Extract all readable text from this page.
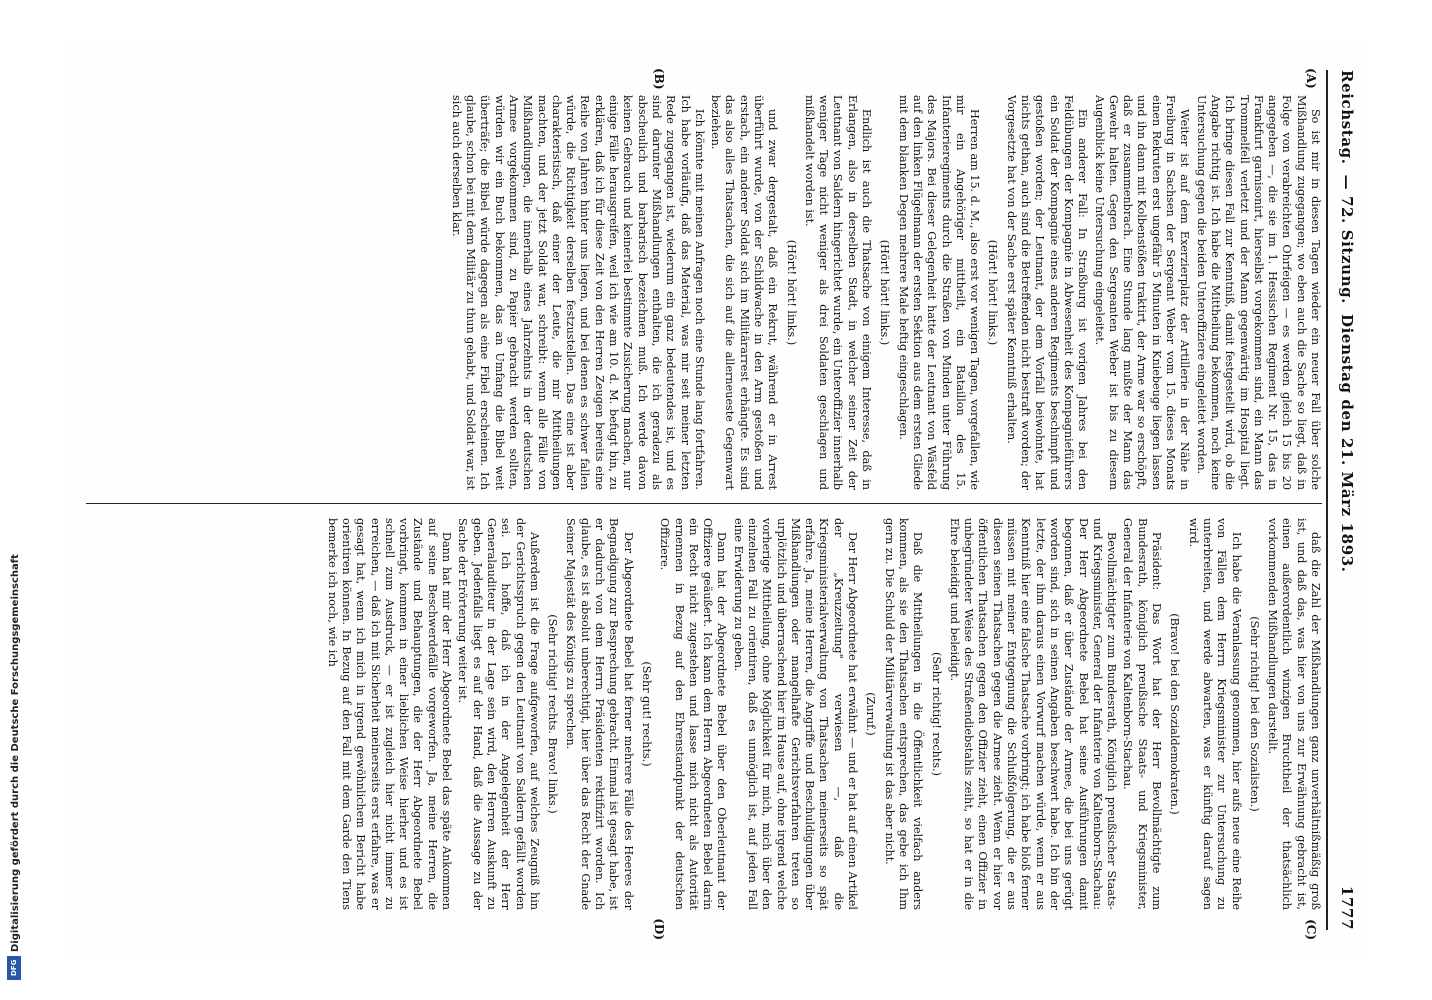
Reichstag.
— 72. Sitzung.
Dienstag den 21. März 1893.
1777
(A)
(B)
(C)
(D)

So ist mir in diesen Tagen wieder ein neuer Fall über solche Mißhandlung zugegangen; wo eben auch die Sache so liegt, daß in Folge von verabreichten Ohrfeigen — es werden gleich 15 bis 20 angegeben —, die sie im 1. Hessischen Regiment Nr. 15, das in Frankfurt garnisonirt, hierselbst vorgekommen sind, ein Mann das Trommelfell verletzt und der Mann gegenwärtig im Hospital liegt. Ich bringe diesen Fall zur Kenntniß, damit festgestellt wird, ob die Angabe richtig ist. Ich habe die Mittheilung bekommen, noch keine Untersuchung gegen die beiden Unteroffiziere eingeleitet worden.

Weiter ist auf dem Exerzierplatz der Artillerie in der Nähe in Freiburg in Sachsen der Sergeant Weber vom 15. dieses Monats einen Rekruten erst ungefähr 5 Minuten in Kniebeuge liegen lassen und ihn dann mit Kolbenstößen traktirt, der Arme war so erschöpft, daß er zusammenbrach. Eine Stunde lang mußte der Mann das Gewehr halten. Gegen den Sergeanten Weber ist bis zu diesem Augenblick keine Untersuchung eingeleitet.

Ein anderer Fall: In Straßburg ist vorigen Jahres bei den Feldübungen der Kompagnie in Abwesenheit des Kompagnieführers ein Soldat der Kompagnie eines anderen Regiments beschimpft und gestoßen worden; der Leutnant, der dem Vorfall beiwohnte, hat nichts gethan, auch sind die Betreffenden nicht bestraft worden; der Vorgesetzte hat von der Sache erst später Kenntniß erhalten.

(Hört! hört! links.)

Herren am 15. d. M., also erst vor wenigen Tagen, vorgefallen, wie mir ein Angehöriger mittheilt, ein Bataillon des 15. Infanterieregiments durch die Straßen von Minden unter Führung des Majors. Bei dieser Gelegenheit hatte der Leutnant von Wäsfeld auf den linken Flügelmann der ersten Sektion aus dem ersten Gliede mit dem blanken Degen mehrere Male heftig eingeschlagen.

(Hört! hört! links.)

Endlich ist auch die Thatsache von einigem Interesse, daß in Erlangen, also in derselben Stadt, in welcher seiner Zeit der Leutnant von Saldern hingerichtet wurde, ein Unteroffizier innerhalb weniger Tage nicht weniger als drei Soldaten geschlagen und mißhandelt worden ist.

(Hört! hört! links.)

und zwar dergestalt, daß ein Rekrut, während er in Arrest überführt wurde, von der Schildwache in den Arm gestoßen und erstach, ein anderer Soldat sich im Militärarrest erhängte. Es sind das also alles Thatsachen, die sich auf die allerneueste Gegenwart beziehen.

Ich könnte mit meinen Anfragen noch eine Stunde lang fortfahren. Ich habe vorläufig, daß das Material, was mir seit meiner letzten Rede zugegangen ist, wiederum ein ganz bedeutendes ist, und es sind darunter Mißhandlungen enthalten, die ich geradezu als abscheulich und barbarisch bezeichnen muß. Ich werde davon keinen Gebrauch und keinerlei bestimmte Zusicherung machen, nur einige Fälle herausgreifen, weil ich wie am 10. d. M. befugt bin, zu erklären, daß ich für diese Zeit von den Herren Zeugen bereits eine Reihe von Jahren hinter uns liegen, und bei denen es schwer fallen würde, die Richtigkeit derselben festzustellen. Das eine ist aber charakteristisch, daß einer der Leute, die mir Mittheilungen machten, und der jetzt Soldat war, schreibt: wenn alle Fälle von Mißhandlungen, die innerhalb eines Jahrzehnts in der deutschen Armee vorgekommen sind, zu Papier gebracht werden sollten, würden wir ein Buch bekommen, das an Umfang die Bibel weit überträfe; die Bibel würde dagegen als eine Fibel erscheinen. Ich glaube, schon bei mit dem Militär zu thun gehabt, und Soldat war, ist sich auch derselben klar.

daß die Zahl der Mißhandlungen ganz unverhältnißmäßig groß ist, und daß das, was hier von uns zur Erwähnung gebracht ist, einen außerordentlich winzigen Bruchtheil der thatsächlich vorkommenden Mißhandlungen darstellt.

(Sehr richtig! bei den Sozialisten.)

Ich habe die Veranlassung genommen, hier aufs neue eine Reihe von Fällen dem Herrn Kriegsminister zur Untersuchung zu unterbreiten, und werde abwarten, was er künftig darauf sagen wird.

(Bravo! bei den Sozialdemokraten.)

Präsident: Das Wort hat der Herr Bevollmächtigte zum Bundesrath, königlich preußische Staats- und Kriegsminister, General der Infanterie von Kaltenborn-Stachau.

Bevollmächtigter zum Bundesrath, Königlich preußischer Staats- und Kriegsminister, General der Infanterie von Kaltenborn-Stachau: Der Herr Abgeordnete Bebel hat seine Ausführungen damit begonnen, daß er über Zustände der Armee, die bei uns gerügt worden sind, sich in seinen Angaben beschwert habe. Ich bin der letzte, der ihm daraus einen Vorwurf machen würde, wenn er aus Kenntniß hier eine falsche Thatsache vorbringt; ich habe bloß ferner müssen mit meiner Entgegnung die Schlußfolgerung, die er aus diesen seinen Thatsachen gegen die Armee zieht. Wenn er hier vor öffentlichen Thatsachen gegen den Offizier zieht, einen Offizier in unbegründeter Weise des Straßendiebstahls zeiht, so hat er in die Ehre beleidigt und beleidigt.

(Sehr richtig! rechts.)

Daß die Mittheilungen in die Öffentlichkeit vielfach anders kommen, als sie den Thatsachen entsprechen, das gebe ich Ihm gern zu. Die Schuld der Militärverwaltung ist das aber nicht.

(Zuruf.)

Der Herr Abgeordnete hat erwähnt — und er hat auf einen Artikel der „Kreuzzeitung" verwiesen —, daß die Kriegsministerialverwaltung von Thatsachen meinerseits so spät erfahre. Ja, meine Herren, die Angriffe und Beschuldigungen über Mißhandlungen oder mangelhafte Gerichtsverfahren treten so urplötzlich und überraschend hier im Hause auf, ohne irgend welche vorherige Mittheilung, ohne Möglichkeit für mich, mich über den einzelnen Fall zu orientiren, daß es unmöglich ist, auf jeden Fall eine Erwiderung zu geben.

Dann hat der Abgeordnete Bebel über den Oberleutnant der Offiziere geäußert. Ich kann dem Herrn Abgeordneten Bebel darin ein Recht nicht zugestehen und lasse mich nicht als Autorität ernennen in Bezug auf den Ehrenstandpunkt der deutschen Offiziere.

(Sehr gut! rechts.)

Der Abgeordnete Bebel hat ferner mehrere Fälle des Heeres der Begnadigung zur Besprechung gebracht. Einmal ist gesagt habe, ist er dadurch von dem Herrn Präsidenten rektifizirt worden. Ich glaube, es ist absolut unberechtigt, hier über das Recht der Gnade Seiner Majestät des Königs zu sprechen.

(Sehr richtig! rechts. Bravo! links.)

Außerdem ist die Frage aufgeworfen, auf welches Zeugniß hin der Gerichtsspruch gegen den Leutnant von Saldern gefällt worden sei. Ich hoffe, daß ich in der Angelegenheit der Herr Generalauditeur in der Lage sein wird, den Herren Auskunft zu geben. Jedenfalls liegt es auf der Hand, daß die Aussage zu der Sache der Erörterung weiter ist.

Dann hat mir der Herr Abgeordnete Bebel das späte Ankommen auf seine Beschwerdefälle vorgeworfen. Ja, meine Herren, die Zustände und Behauptungen, die der Herr Abgeordnete Bebel vorbringt, kommen in einer lieblichen Weise hierher und es ist schnell zum Ausdruck, — er ist zugleich hier nicht immer zu erreichen, — daß ich mit Sicherheit meinerseits erst erfahre, was er gesagt hat, wenn ich mich in irgend gewöhnlichem Bericht habe orientiren können. In Bezug auf den Fall mit dem Garde den Tiens bemerke ich noch, wie ich

Digitalisierung gefördert durch die Deutsche Forschungsgemeinschaft
DFG
